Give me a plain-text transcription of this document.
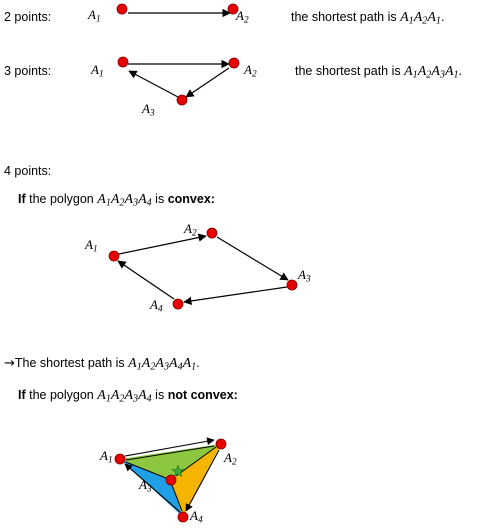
2 points:	the shortest path is $A_1A_2A_1$.
3 points:	the shortest path is $A_1A_2A_3A_1$.
4 points:
If the polygon $A_1A_2A_3A_4$ is convex:
→The shortest path is $A_1A_2A_3A_4A_1$.
If the polygon $A_1A_2A_3A_4$ is not convex:
$A_1$	$A_2$
$A_1$	$A_2$
$A_3$
$A_1$
$A_2$
$A_3$
$A_4$
$A_1$	$A_2$
$A_3$
$A_4$
